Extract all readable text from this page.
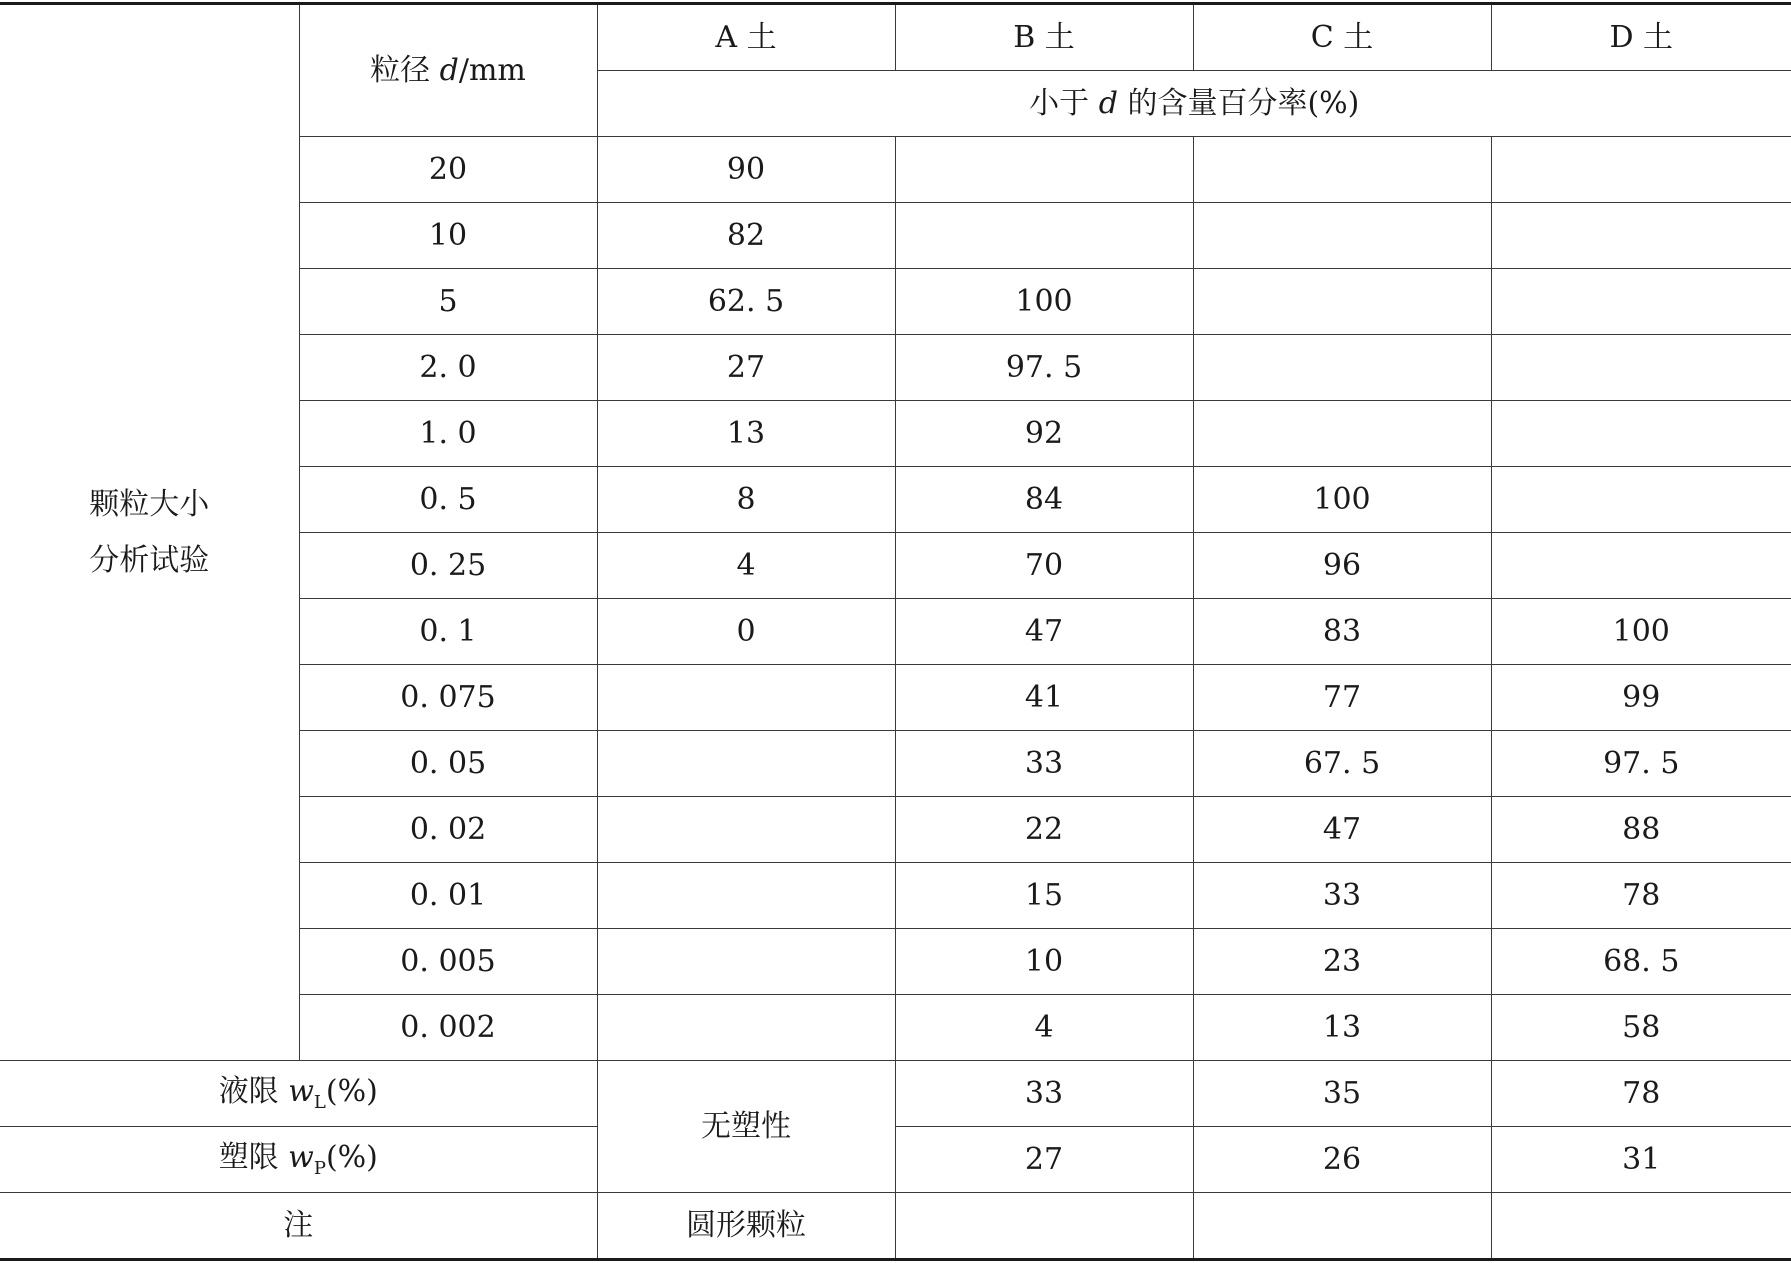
颗粒大小
分析试验	粒径 d/mm	A 土	B 土	C 土	D 土
		小于 d 的含量百分率(%)			
	20	90			
	10	82			
	5	62. 5	100		
	2. 0	27	97. 5		
	1. 0	13	92		
	0. 5	8	84	100	
	0. 25	4	70	96	
	0. 1	0	47	83	100
	0. 075		41	77	99
	0. 05		33	67. 5	97. 5
	0. 02		22	47	88
	0. 01		15	33	78
	0. 005		10	23	68. 5
	0. 002		4	13	58
液限 $w_L(\%)$		无塑性	33	35	78
塑限 $w_P(\%)$			27	26	31
注		圆形颗粒			
